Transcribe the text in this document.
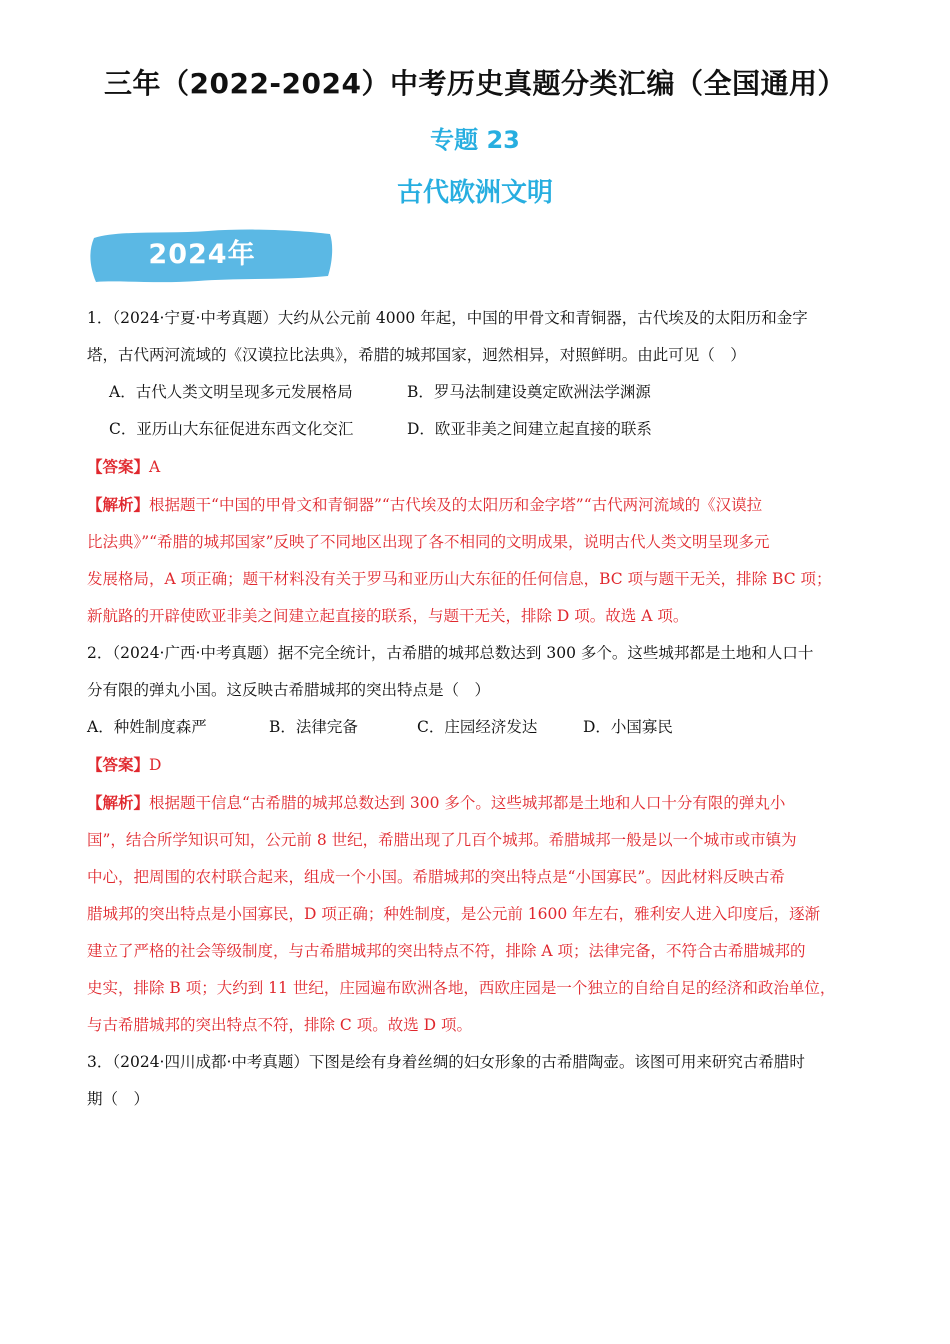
三年（2022-2024）中考历史真题分类汇编（全国通用）
专题 23
古代欧洲文明
2024年
1．（2024·宁夏·中考真题）大约从公元前 4000 年起，中国的甲骨文和青铜器，古代埃及的太阳历和金字
塔，古代两河流域的《汉谟拉比法典》，希腊的城邦国家，迥然相异，对照鲜明。由此可见（　）
A．古代人类文明呈现多元发展格局	B．罗马法制建设奠定欧洲法学渊源
C．亚历山大东征促进东西文化交汇	D．欧亚非美之间建立起直接的联系
【答案】A
【解析】根据题干“中国的甲骨文和青铜器”“古代埃及的太阳历和金字塔”“古代两河流域的《汉谟拉
比法典》”“希腊的城邦国家”反映了不同地区出现了各不相同的文明成果，说明古代人类文明呈现多元
发展格局，A 项正确；题干材料没有关于罗马和亚历山大东征的任何信息，BC 项与题干无关，排除 BC 项；
新航路的开辟使欧亚非美之间建立起直接的联系，与题干无关，排除 D 项。故选 A 项。
2．（2024·广西·中考真题）据不完全统计，古希腊的城邦总数达到 300 多个。这些城邦都是土地和人口十
分有限的弹丸小国。这反映古希腊城邦的突出特点是（　）
A．种姓制度森严	B．法律完备	C．庄园经济发达	D．小国寡民
【答案】D
【解析】根据题干信息“古希腊的城邦总数达到 300 多个。这些城邦都是土地和人口十分有限的弹丸小
国”，结合所学知识可知，公元前 8 世纪，希腊出现了几百个城邦。希腊城邦一般是以一个城市或市镇为
中心，把周围的农村联合起来，组成一个小国。希腊城邦的突出特点是“小国寡民”。因此材料反映古希
腊城邦的突出特点是小国寡民，D 项正确；种姓制度，是公元前 1600 年左右，雅利安人进入印度后，逐渐
建立了严格的社会等级制度，与古希腊城邦的突出特点不符，排除 A 项；法律完备，不符合古希腊城邦的
史实，排除 B 项；大约到 11 世纪，庄园遍布欧洲各地，西欧庄园是一个独立的自给自足的经济和政治单位，
与古希腊城邦的突出特点不符，排除 C 项。故选 D 项。
3．（2024·四川成都·中考真题）下图是绘有身着丝绸的妇女形象的古希腊陶壶。该图可用来研究古希腊时
期（　）
